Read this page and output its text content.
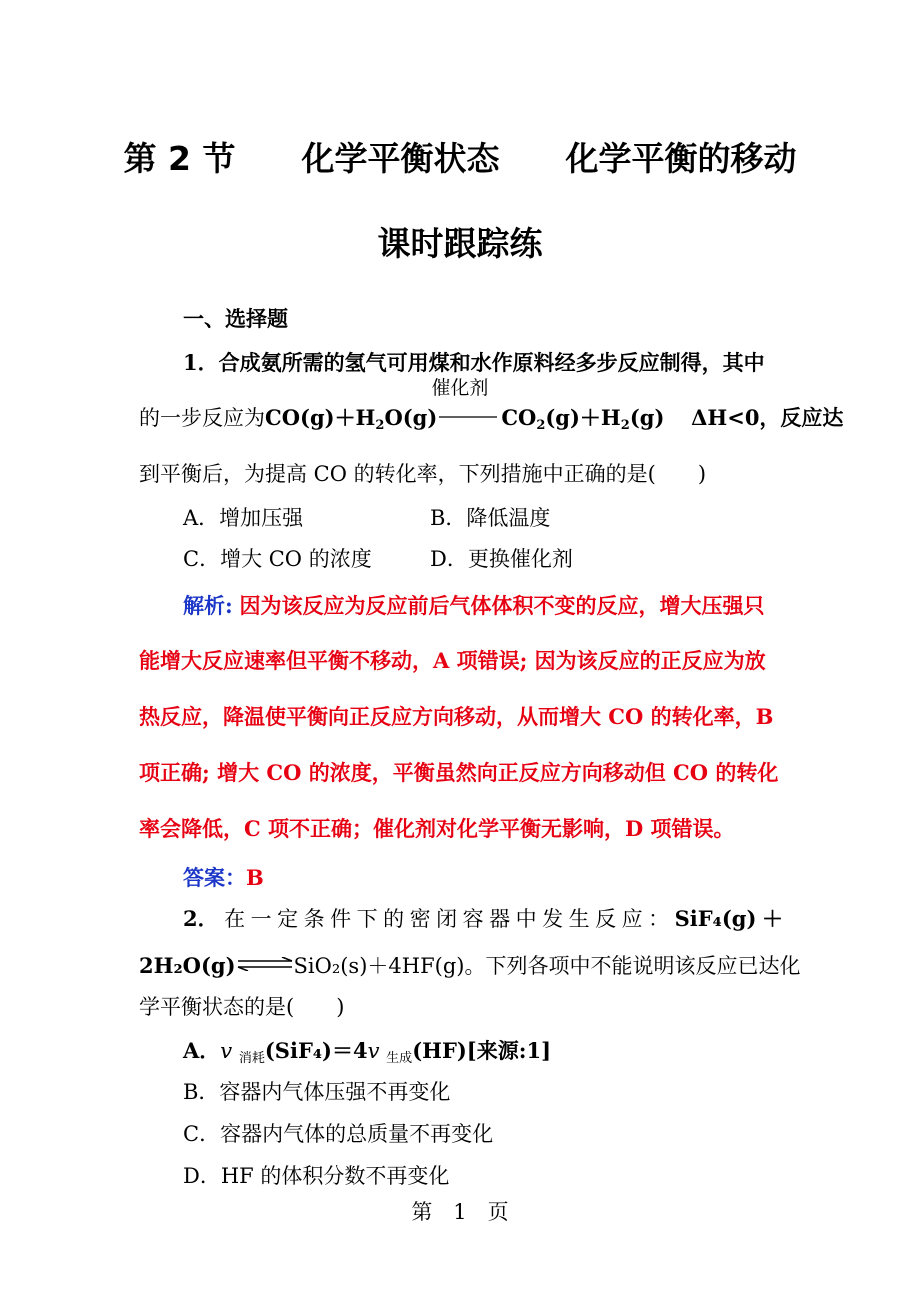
第 2 节　　化学平衡状态　　化学平衡的移动
课时跟踪练
一、选择题
1．合成氨所需的氢气可用煤和水作原料经多步反应制得，其中
的一步反应为$CO(g)+H_2O(g)$
催化剂
$CO_2(g)+H_2(g)$ ΔH<0，反应达
到平衡后，为提高 CO 的转化率，下列措施中正确的是(　　)
A．增加压强	B．降低温度
C．增大 CO 的浓度	D．更换催化剂
解析: 因为该反应为反应前后气体体积不变的反应，增大压强只
能增大反应速率但平衡不移动，A 项错误; 因为该反应的正反应为放
热反应，降温使平衡向正反应方向移动，从而增大 CO 的转化率，B
项正确; 增大 CO 的浓度，平衡虽然向正反应方向移动但 CO 的转化
率会降低，C 项不正确；催化剂对化学平衡无影响，D 项错误。
答案：B
2． 在 一 定 条 件 下 的 密 闭 容 器 中 发 生 反 应 ： SiF₄(g) ＋
2H₂O(g)⇌SiO₂(s)＋4HF(g)。下列各项中不能说明该反应已达化
学平衡状态的是(　　)
A．v $_{消耗}$(SiF₄)＝4v $_{生成}$(HF)[来源:1]
B．容器内气体压强不再变化
C．容器内气体的总质量不再变化
D．HF 的体积分数不再变化
第　1　页
